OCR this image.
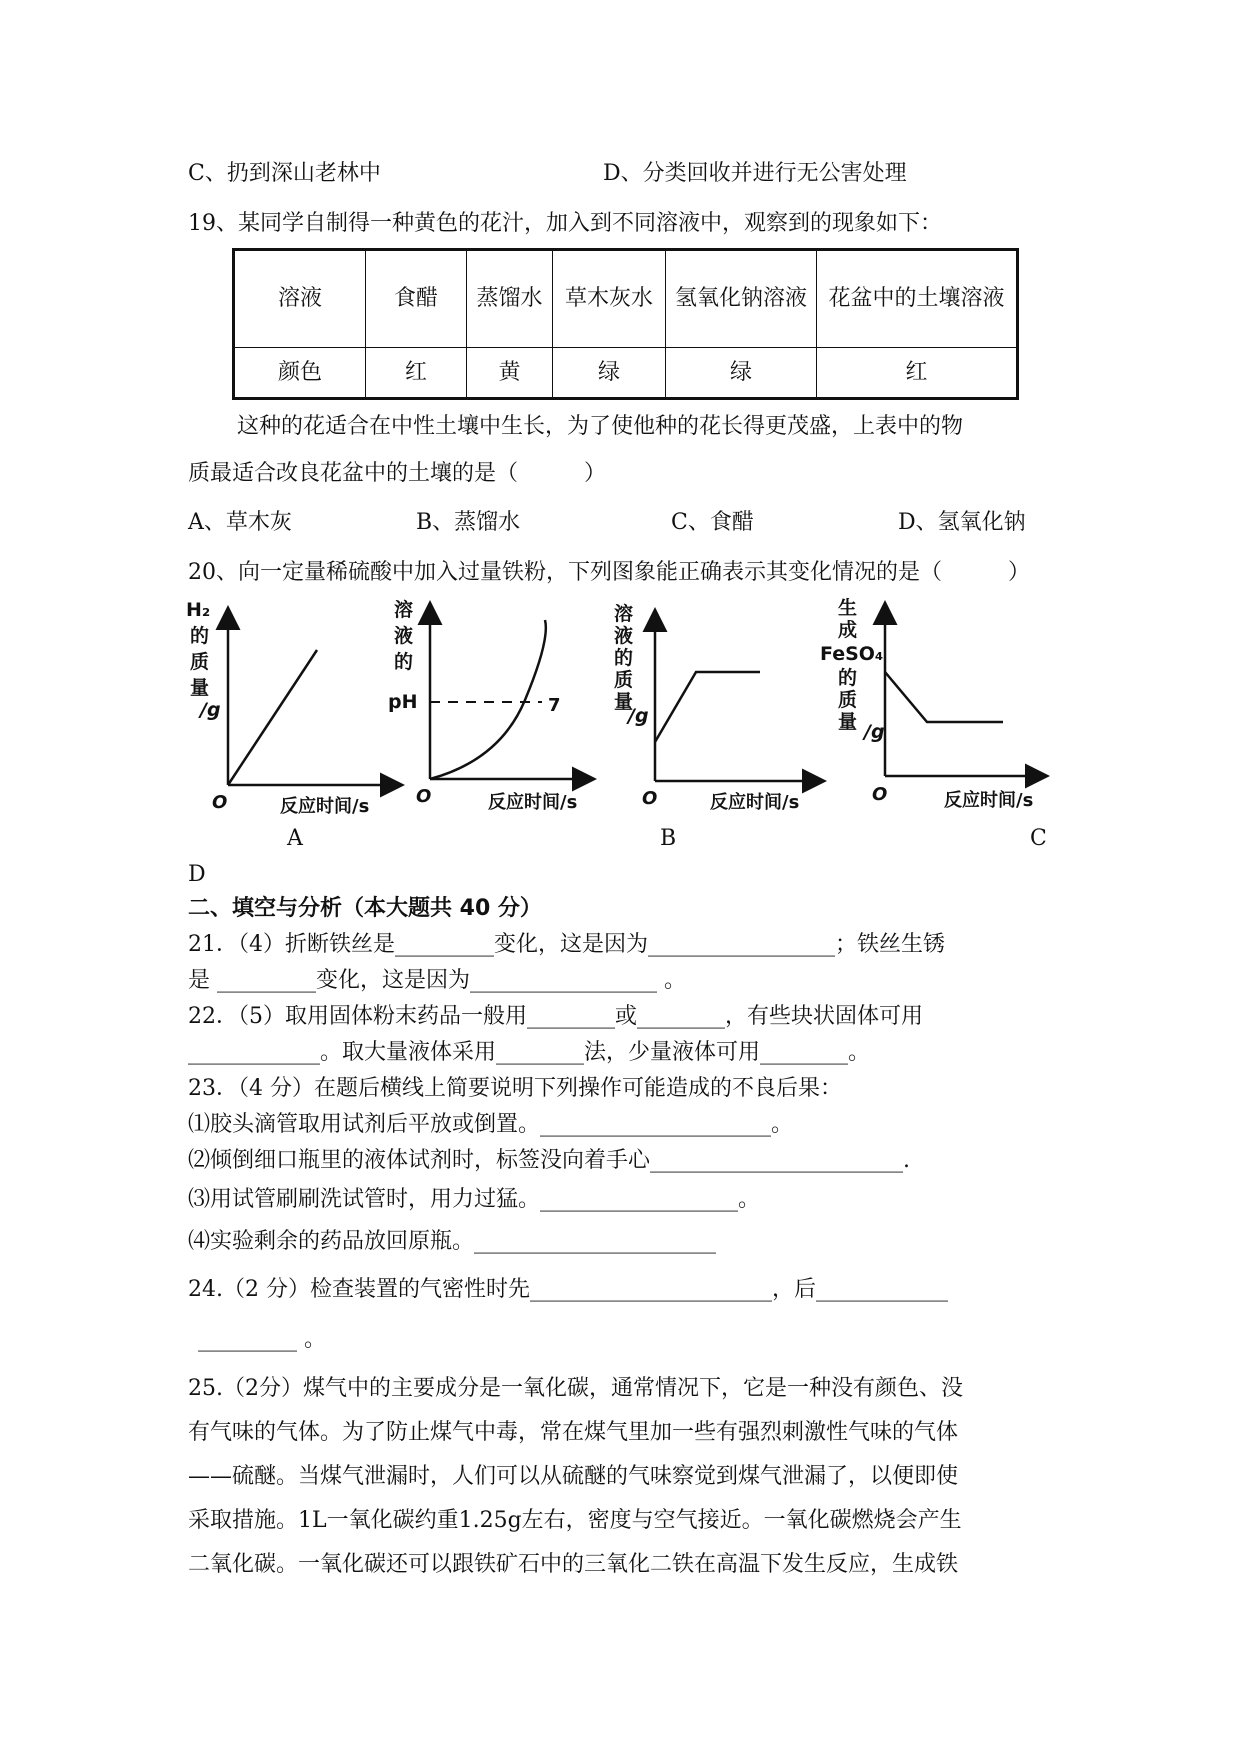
C、扔到深山老林中	D、分类回收并进行无公害处理
19、某同学自制得一种黄色的花汁，加入到不同溶液中，观察到的现象如下：
溶液	食醋	蒸馏水	草木灰水	氢氧化钠溶液	花盆中的土壤溶液
颜色	红	黄	绿	绿	红
这种的花适合在中性土壤中生长，为了使他种的花长得更茂盛，上表中的物
质最适合改良花盆中的土壤的是（　　　）
A、草木灰	B、蒸馏水	C、食醋	D、氢氧化钠
20、向一定量稀硫酸中加入过量铁粉，下列图象能正确表示其变化情况的是（　　　）
H₂
的
质
量
/g
O	反应时间/s
7
溶
液
的
pH
O	反应时间/s
溶
液
的
质
量
/g
O	反应时间/s
生
成
FeSO₄
的
质
量 /g
O	反应时间/s
A	B	C
D
二、填空与分析（本大题共 40 分）
21．（4）折断铁丝是_________变化，这是因为_________________；铁丝生锈
是 _________变化，这是因为_________________ 。
22．（5）取用固体粉末药品一般用________或________，有些块状固体可用
____________。取大量液体采用________法，少量液体可用________。
23．（4 分）在题后横线上简要说明下列操作可能造成的不良后果：
⑴胶头滴管取用试剂后平放或倒置。_____________________。
⑵倾倒细口瓶里的液体试剂时，标签没向着手心_______________________.
⑶用试管刷刷洗试管时，用力过猛。__________________。
⑷实验剩余的药品放回原瓶。______________________
24.（2 分）检查装置的气密性时先______________________，后____________
_________ 。
25.（2分）煤气中的主要成分是一氧化碳，通常情况下，它是一种没有颜色、没
有气味的气体。为了防止煤气中毒，常在煤气里加一些有强烈刺激性气味的气体
——硫醚。当煤气泄漏时，人们可以从硫醚的气味察觉到煤气泄漏了，以便即使
采取措施。1L一氧化碳约重1.25g左右，密度与空气接近。一氧化碳燃烧会产生
二氧化碳。一氧化碳还可以跟铁矿石中的三氧化二铁在高温下发生反应，生成铁
